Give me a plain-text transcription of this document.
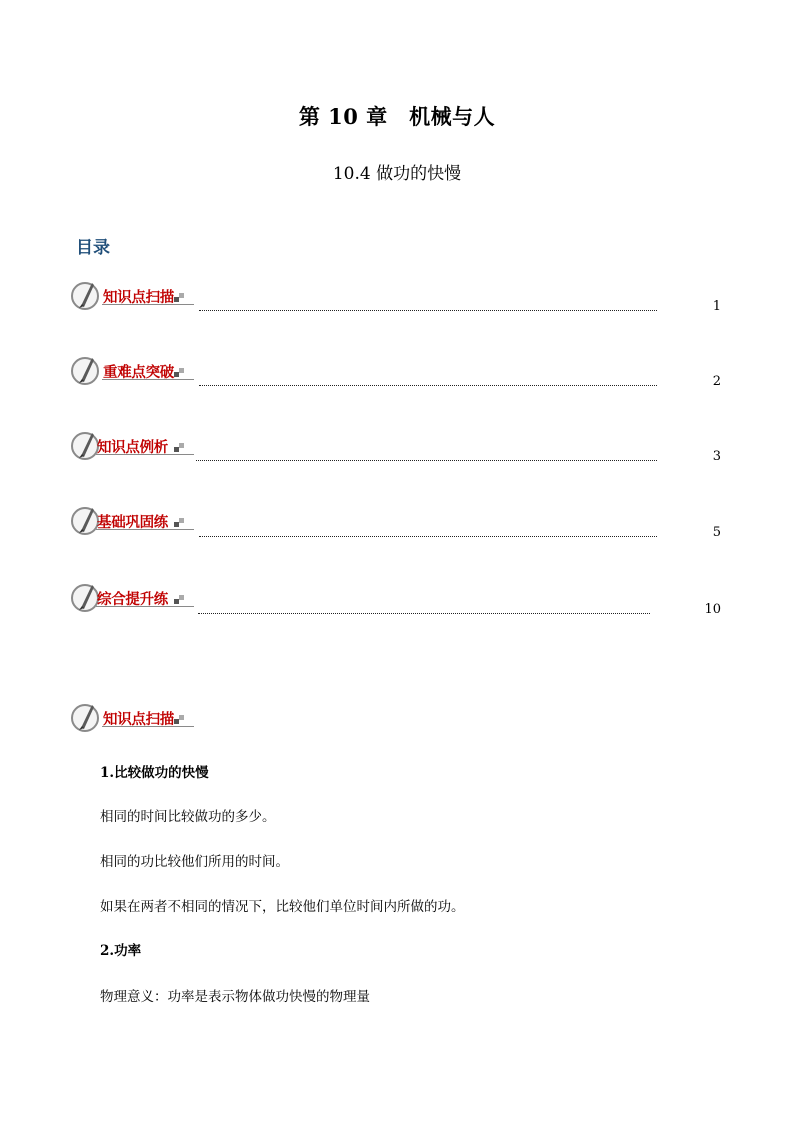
第 10 章　机械与人
10.4 做功的快慢
目录
知识点扫描
1
重难点突破
2
知识点例析
3
基础巩固练
5
综合提升练
10
知识点扫描
1.比较做功的快慢
相同的时间比较做功的多少。
相同的功比较他们所用的时间。
如果在两者不相同的情况下，比较他们单位时间内所做的功。
2.功率
物理意义：功率是表示物体做功快慢的物理量
